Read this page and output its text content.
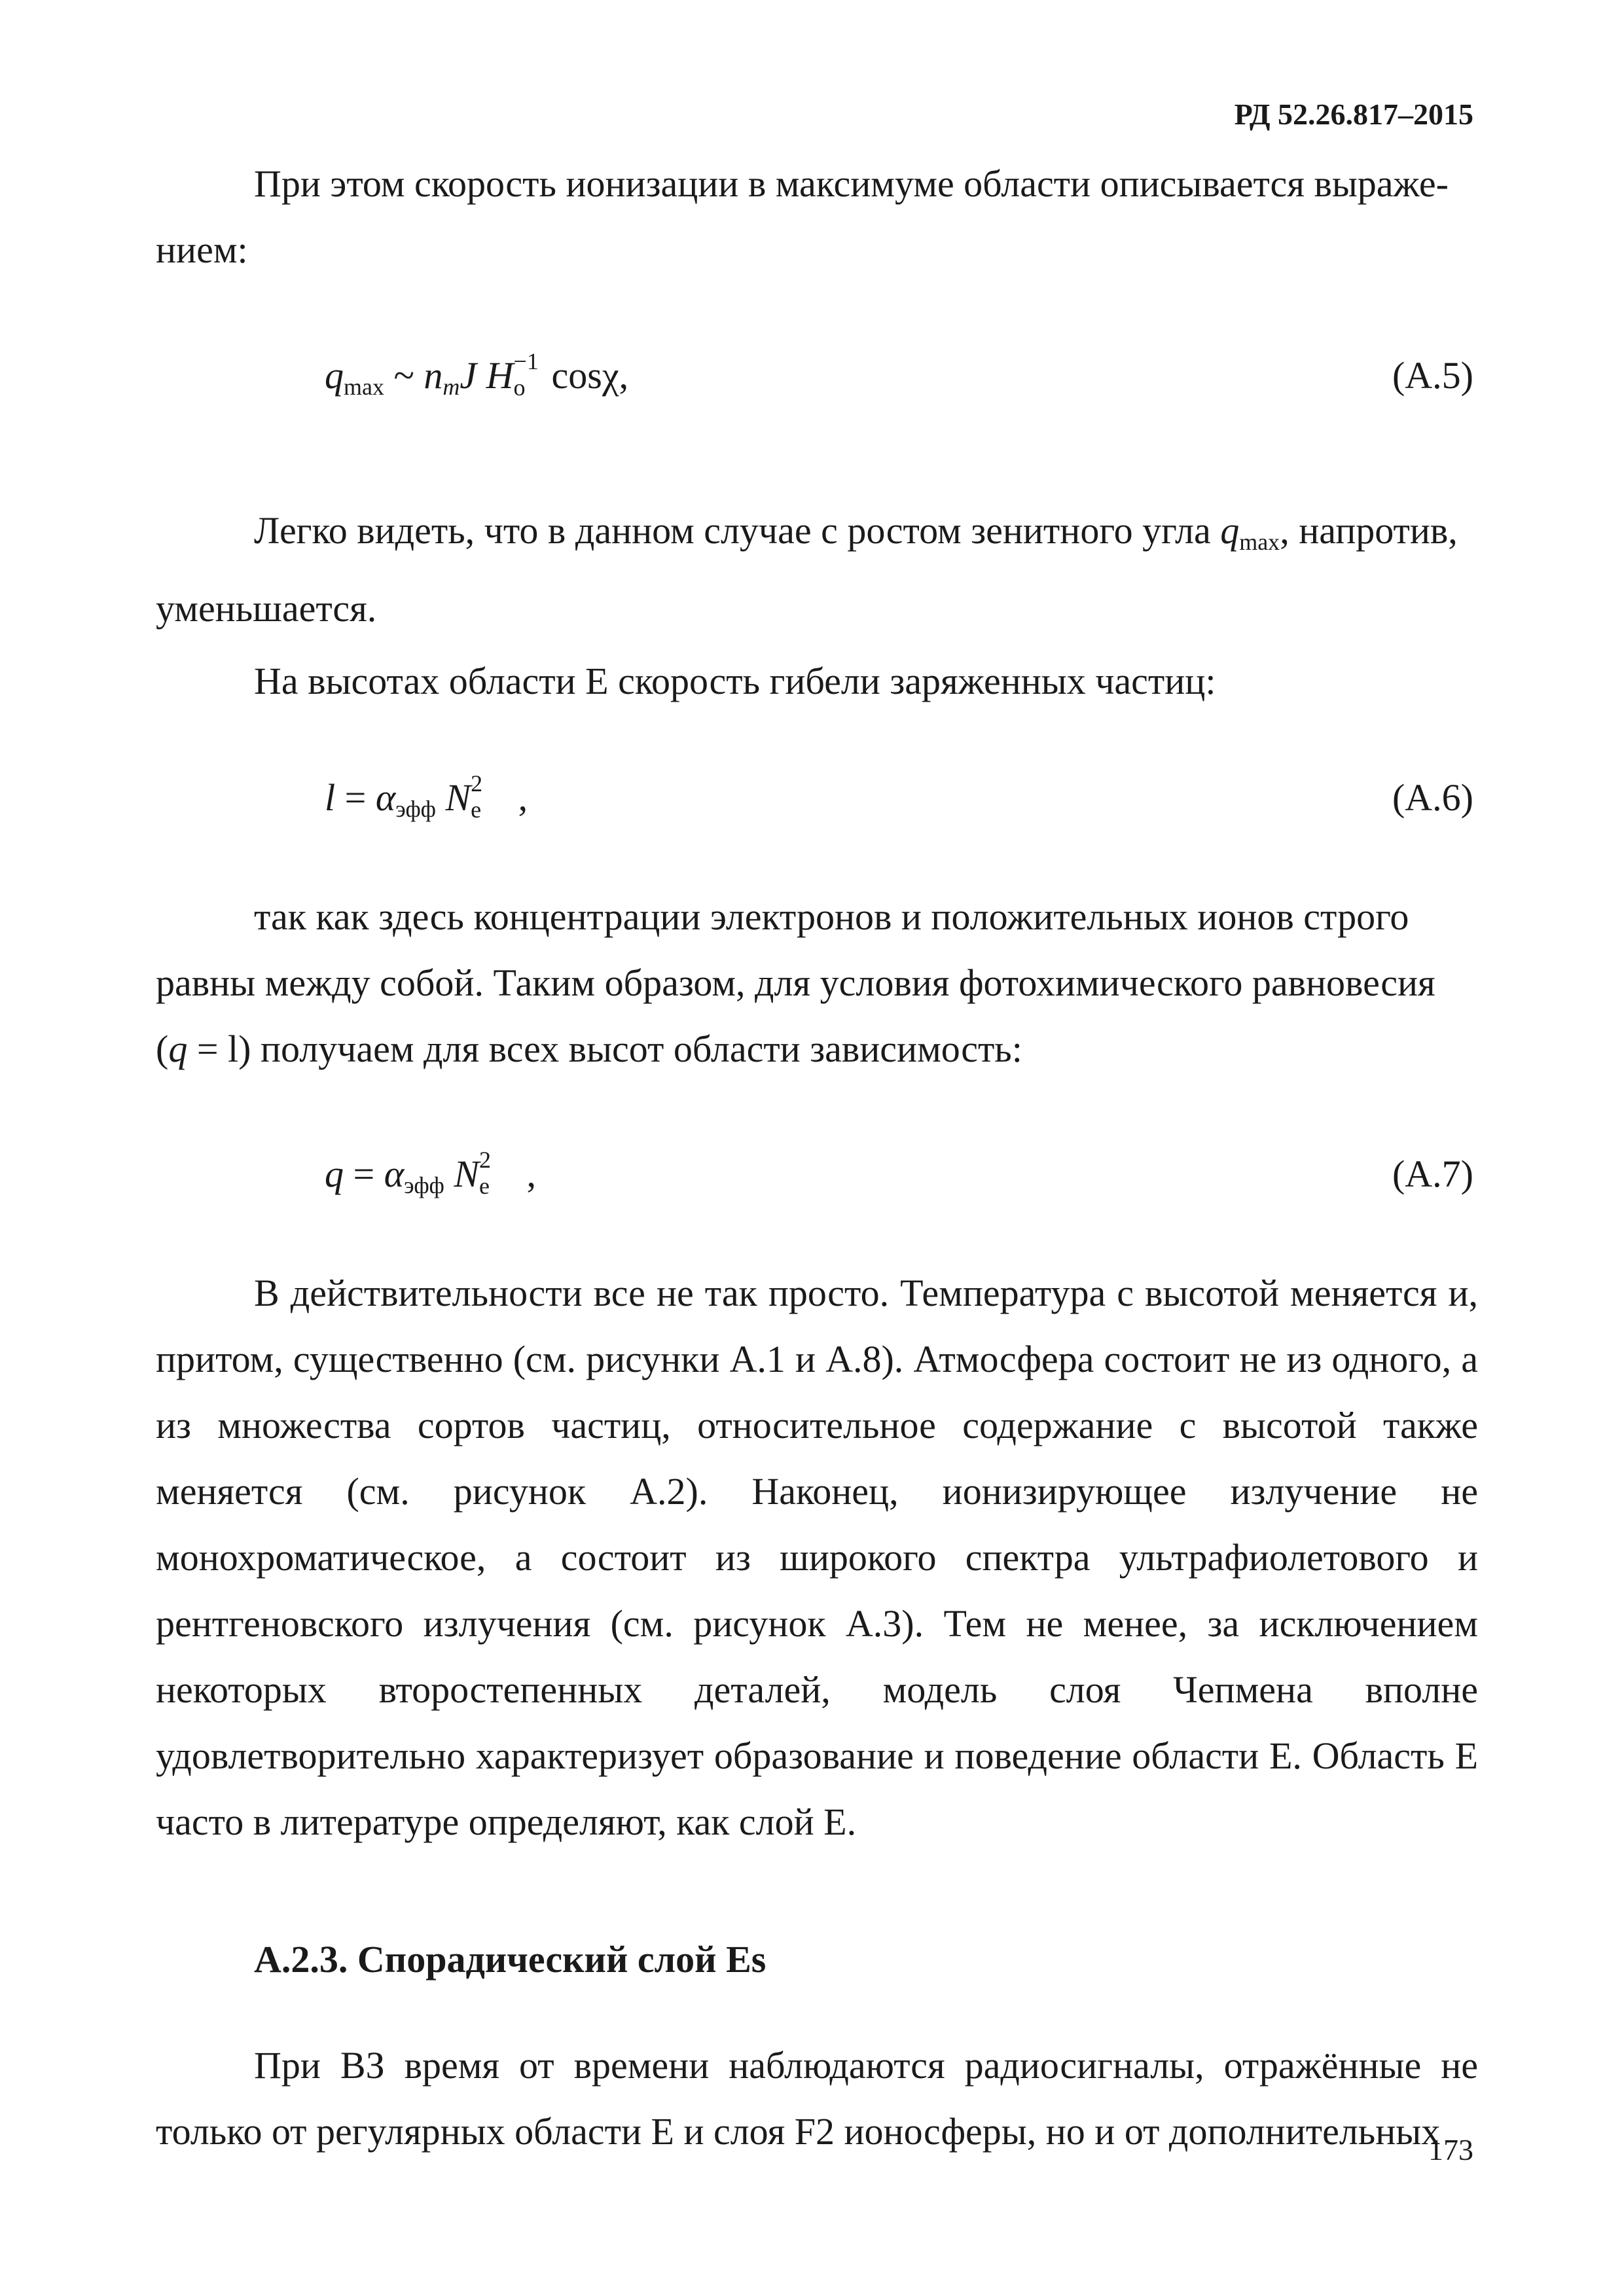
РД 52.26.817–2015

При этом скорость ионизации в максимуме области описывается выраже-

нием:

$q_{max}$ ~ nmJ H −1
o cosχ,	(A.5)

Легко видеть, что в данном случае с ростом зенитного угла $q_{max}$, напротив,

уменьшается.

На высотах области E скорость гибели заряженных частиц:

$l = \alpha_{эфф}$ N 2
e ,	(A.6)

так как здесь концентрации электронов и положительных ионов строго

равны между собой. Таким образом, для условия фотохимического равновесия

(q = l) получаем для всех высот области зависимость:

$q = \alpha_{эфф}$ N 2
e ,	(A.7)

В действительности все не так просто. Температура с высотой меняется и, притом, существенно (см. рисунки A.1 и A.8). Атмосфера состоит не из одного, а из множества сортов частиц, относительное содержание с высотой также меняется (см. рисунок A.2). Наконец, ионизирующее излучение не монохроматическое, а состоит из широкого спектра ультрафиолетового и рентгеновского излучения (см. рисунок A.3). Тем не менее, за исключением некоторых второстепенных деталей, модель слоя Чепмена вполне удовлетворительно характеризует образование и поведение области E. Область E часто в литературе определяют, как слой E.

A.2.3. Спорадический слой Es

При ВЗ время от времени наблюдаются радиосигналы, отражённые не только от регулярных области E и слоя F2 ионосферы, но и от дополнительных

173
